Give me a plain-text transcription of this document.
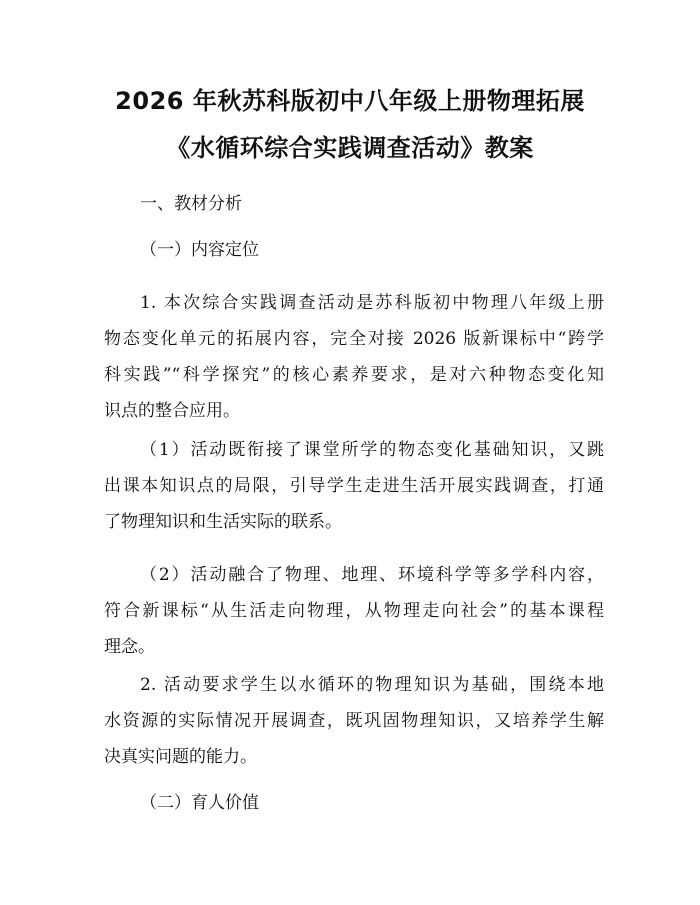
2026 年秋苏科版初中八年级上册物理拓展
《水循环综合实践调查活动》教案
一、教材分析
（一）内容定位
1. 本次综合实践调查活动是苏科版初中物理八年级上册
物态变化单元的拓展内容，完全对接 2026 版新课标中“跨学
科实践”“科学探究”的核心素养要求，是对六种物态变化知
识点的整合应用。
（1）活动既衔接了课堂所学的物态变化基础知识，又跳
出课本知识点的局限，引导学生走进生活开展实践调查，打通
了物理知识和生活实际的联系。
（2）活动融合了物理、地理、环境科学等多学科内容，
符合新课标“从生活走向物理，从物理走向社会”的基本课程
理念。
2. 活动要求学生以水循环的物理知识为基础，围绕本地
水资源的实际情况开展调查，既巩固物理知识，又培养学生解
决真实问题的能力。
（二）育人价值
